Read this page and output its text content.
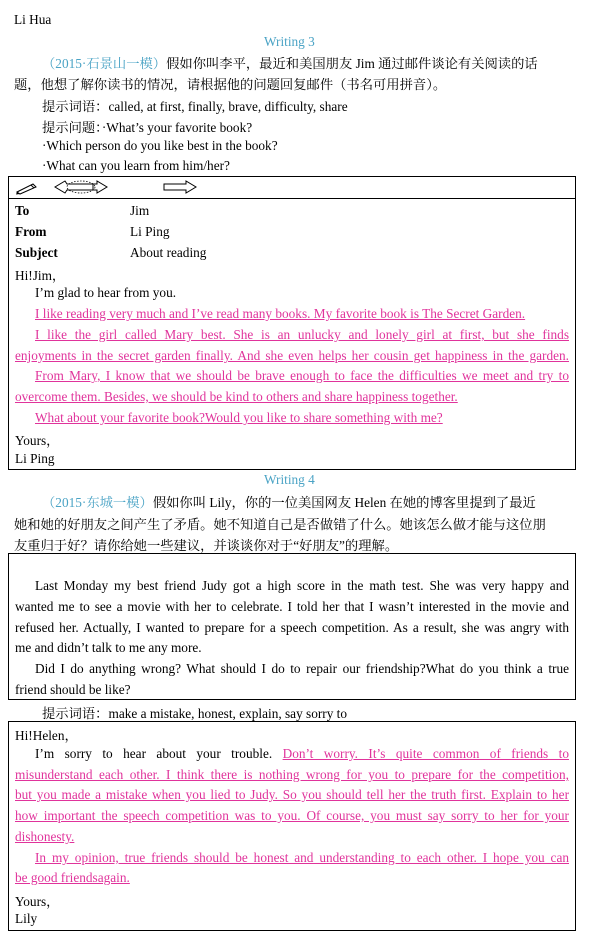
Li Hua
Writing 3
（2015·石景山一模）假如你叫李平，最近和美国朋友 Jim 通过邮件谈论有关阅读的话
题，他想了解你读书的情况，请根据他的问题回复邮件（书名可用拼音）。
提示词语：called, at first, finally, brave, difficulty, share
提示问题：·What’s your favorite book?
·Which person do you like best in the book?
·What can you learn from him/her?
To	Jim
From	Li Ping
Subject	About reading
Hi!Jim，
I’m glad to hear from you.
I like reading very much and I’ve read many books. My favorite book is The Secret Garden.
I like the girl called Mary best. She is an unlucky and lonely girl at first, but she finds
enjoyments in the secret garden finally. And she even helps her cousin get happiness in the garden.
From Mary, I know that we should be brave enough to face the difficulties we meet and try to
overcome them. Besides, we should be kind to others and share happiness together.
What about your favorite book?Would you like to share something with me?
Yours，
Li Ping
Writing 4
（2015·东城一模）假如你叫 Lily，你的一位美国网友 Helen 在她的博客里提到了最近
她和她的好朋友之间产生了矛盾。她不知道自己是否做错了什么。她该怎么做才能与这位朋
友重归于好？请你给她一些建议，并谈谈你对于“好朋友”的理解。
Last Monday my best friend Judy got a high score in the math test. She was very happy and
wanted me to see a movie with her to celebrate. I told her that I wasn’t interested in the movie and
refused her. Actually, I wanted to prepare for a speech competition. As a result, she was angry with
me and didn’t talk to me any more.
Did I do anything wrong? What should I do to repair our friendship?What do you think a true
friend should be like?
提示词语：make a mistake, honest, explain, say sorry to
Hi!Helen，
I’m sorry to hear about your trouble. Don’t worry. It’s quite common of friends to
misunderstand each other. I think there is nothing wrong for you to prepare for the competition,
but you made a mistake when you lied to Judy. So you should tell her the truth first. Explain to her
how important the speech competition was to you. Of course, you must say sorry to her for your
dishonesty.
In my opinion, true friends should be honest and understanding to each other. I hope you can
be good friendsagain.
Yours，
Lily
